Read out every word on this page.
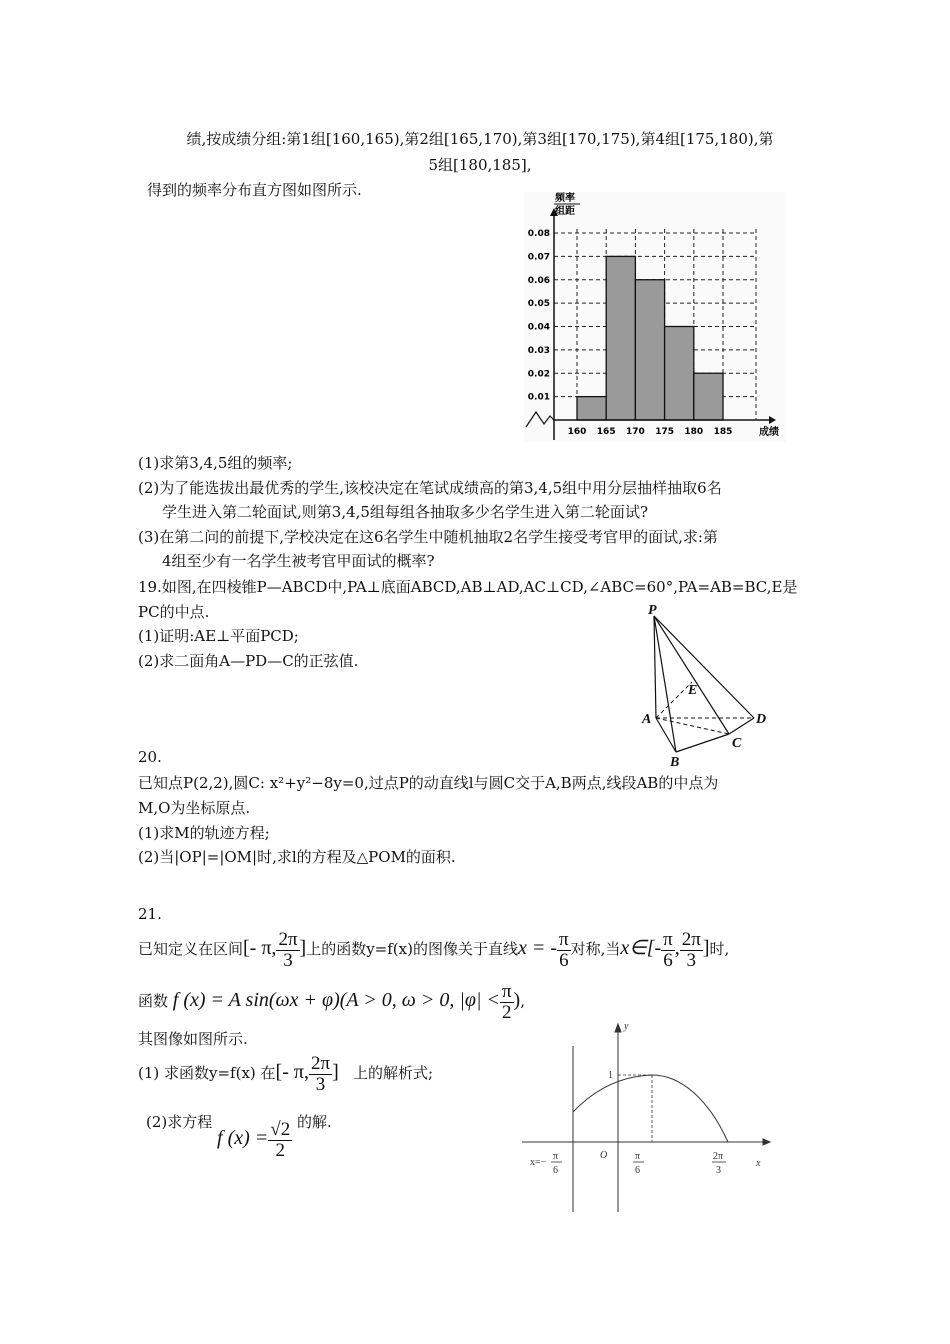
绩,按成绩分组:第1组[160,165),第2组[165,170),第3组[170,175),第4组[175,180),第
5组[180,185],
得到的频率分布直方图如图所示.
0.01
0.02
0.03
0.04
0.05
0.06
0.07
0.08
160 165 170 175 180 185
频率
组距
成绩
(1)求第3,4,5组的频率;
(2)为了能选拔出最优秀的学生,该校决定在笔试成绩高的第3,4,5组中用分层抽样抽取6名
学生进入第二轮面试,则第3,4,5组每组各抽取多少名学生进入第二轮面试?
(3)在第二问的前提下,学校决定在这6名学生中随机抽取2名学生接受考官甲的面试,求:第
4组至少有一名学生被考官甲面试的概率?
19.如图,在四棱锥P—ABCD中,PA⊥底面ABCD,AB⊥AD,AC⊥CD,∠ABC=60°,PA=AB=BC,E是
PC的中点.
(1)证明:AE⊥平面PCD;
(2)求二面角A—PD—C的正弦值.
P
E
A	D
C
B
20.
已知点P(2,2),圆C: x²+y²−8y=0,过点P的动直线l与圆C交于A,B两点,线段AB的中点为
M,O为坐标原点.
(1)求M的轨迹方程;
(2)当|OP|=|OM|时,求l的方程及△POM的面积.
21.
已知定义在区间[- π, $\frac{2\pi}{3}$ ]上的函数y=f(x)的图像关于直线x = - $\frac{\pi}{6}$ 对称,当x∈[- $\frac{\pi}{6}$ , $\frac{2\pi}{3}$ ]时,
函数 f (x) = A sin(ωx + φ)(A > 0, ω > 0, $|\varphi| < \frac{\pi}{2}$ ),
其图像如图所示.
(1) 求函数y=f(x) 在[- π, $\frac{2\pi}{3}$ ] 上的解析式;
(2)求方程 f $(x) = \frac{√2}{2}$ 的解.
y
x
O
1
x=−
π
6
π
6
2π
3
